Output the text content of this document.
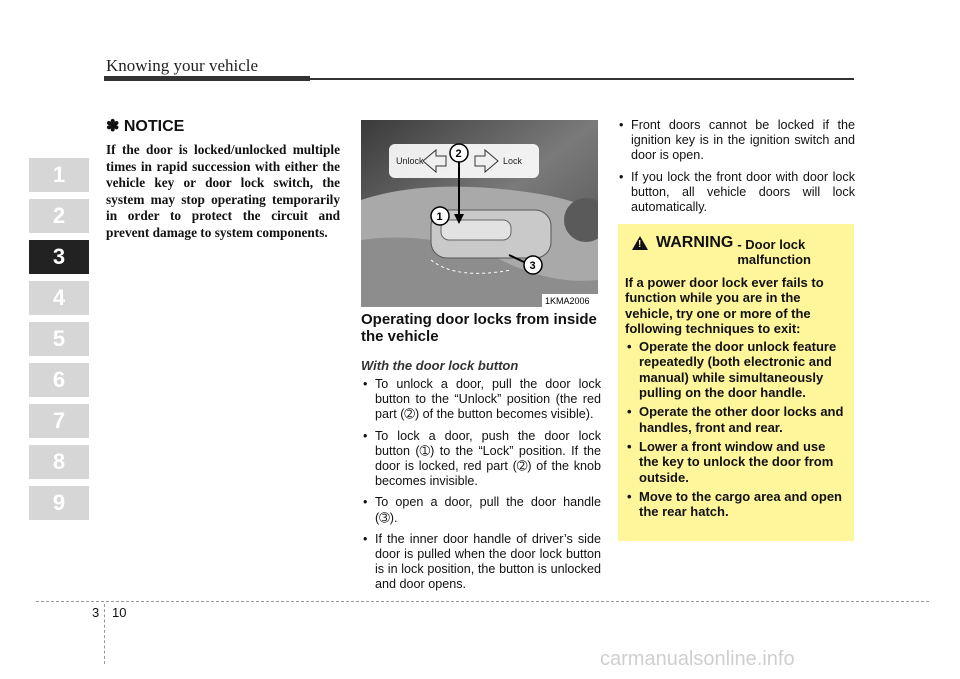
Knowing your vehicle
1
2
3
4
5
6
7
8
9
✽ NOTICE
If the door is locked/unlocked multiple times in rapid succession with either the vehicle key or door lock switch, the system may stop operating temporarily in order to protect the circuit and prevent damage to system components.
Unlock	Lock
2
1
3
1KMA2006
Operating door locks from inside the vehicle
With the door lock button
• To unlock a door, pull the door lock button to the “Unlock” position (the red part (➁) of the button becomes visible).
• To lock a door, push the door lock button (➀) to the “Lock” position. If the door is locked, red part (➁) of the knob becomes invisible.
• To open a door, pull the door handle (➂).
• If the inner door handle of driver’s side door is pulled when the door lock button is in lock position, the button is unlocked and door opens.
• Front doors cannot be locked if the ignition key is in the ignition switch and door is open.
• If you lock the front door with door lock button, all vehicle doors will lock automatically.
! WARNING - Door lock malfunction

If a power door lock ever fails to function while you are in the vehicle, try one or more of the following techniques to exit:

• Operate the door unlock feature repeatedly (both electronic and manual) while simultaneously pulling on the door handle.
• Operate the other door locks and handles, front and rear.
• Lower a front window and use the key to unlock the door from outside.
• Move to the cargo area and open the rear hatch.
3 10
carmanualsonline.info
